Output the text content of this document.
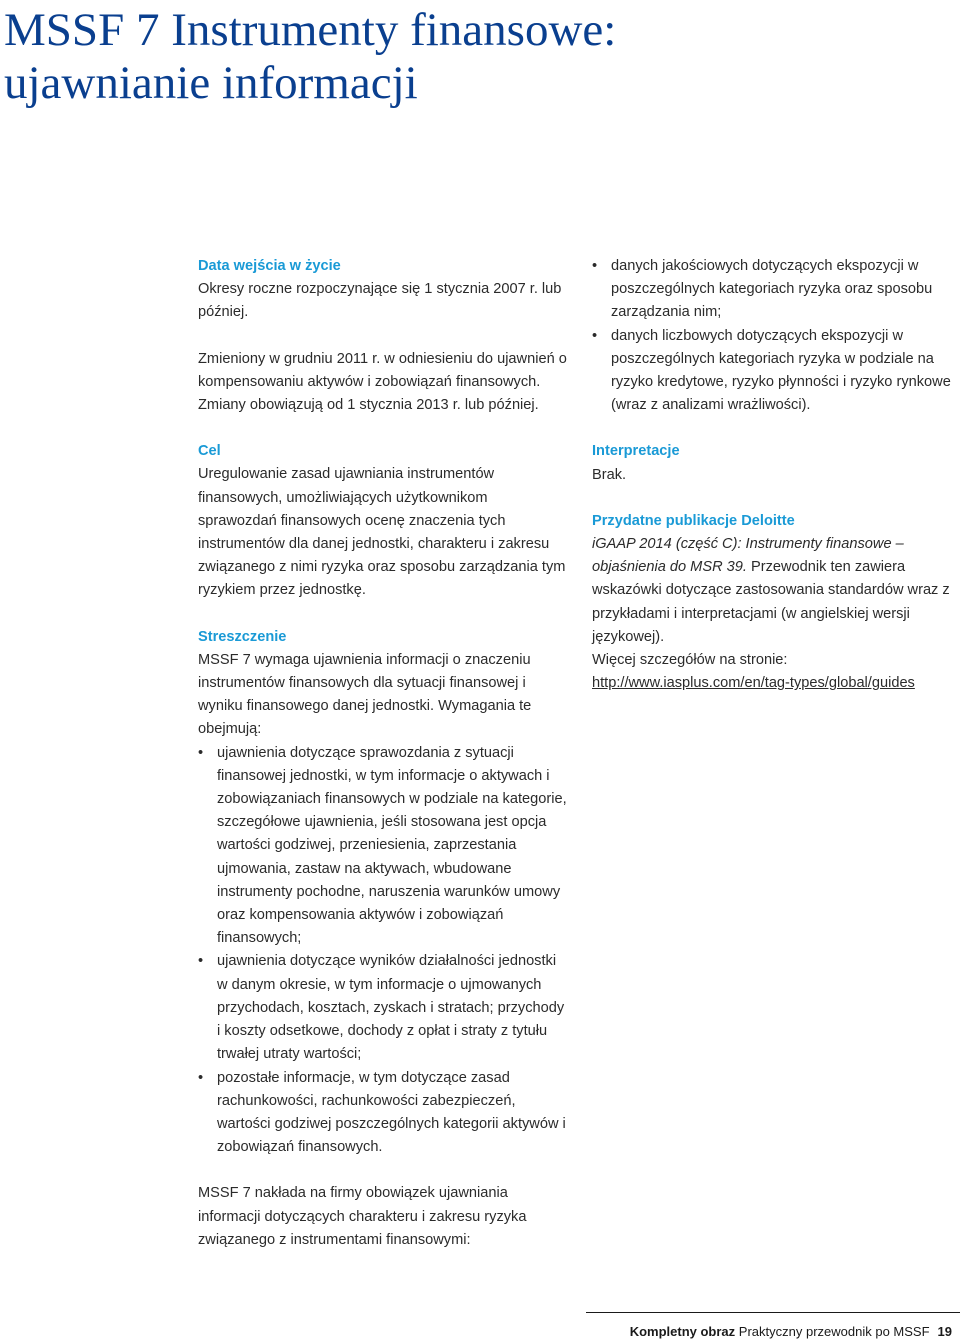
MSSF 7 Instrumenty finansowe:
ujawnianie informacji
Data wejścia w życie

Okresy roczne rozpoczynające się 1 stycznia 2007 r. lub później.

Zmieniony w grudniu 2011 r. w odniesieniu do ujawnień o kompensowaniu aktywów i zobowiązań finansowych. Zmiany obowiązują od 1 stycznia 2013 r. lub później.

Cel

Uregulowanie zasad ujawniania instrumentów finansowych, umożliwiających użytkownikom sprawozdań finansowych ocenę znaczenia tych instrumentów dla danej jednostki, charakteru i zakresu związanego z nimi ryzyka oraz sposobu zarządzania tym ryzykiem przez jednostkę.

Streszczenie

MSSF 7 wymaga ujawnienia informacji o znaczeniu instrumentów finansowych dla sytuacji finansowej i wyniku finansowego danej jednostki. Wymagania te obejmują:

• ujawnienia dotyczące sprawozdania z sytuacji finansowej jednostki, w tym informacje o aktywach i zobowiązaniach finansowych w podziale na kategorie, szczegółowe ujawnienia, jeśli stosowana jest opcja wartości godziwej, przeniesienia, zaprzestania ujmowania, zastaw na aktywach, wbudowane instrumenty pochodne, naruszenia warunków umowy oraz kompensowania aktywów i zobowiązań finansowych;
• ujawnienia dotyczące wyników działalności jednostki w danym okresie, w tym informacje o ujmowanych przychodach, kosztach, zyskach i stratach; przychody i koszty odsetkowe, dochody z opłat i straty z tytułu trwałej utraty wartości;
• pozostałe informacje, w tym dotyczące zasad rachunkowości, rachunkowości zabezpieczeń, wartości godziwej poszczególnych kategorii aktywów i zobowiązań finansowych.

MSSF 7 nakłada na firmy obowiązek ujawniania informacji dotyczących charakteru i zakresu ryzyka związanego z instrumentami finansowymi:

• danych jakościowych dotyczących ekspozycji w poszczególnych kategoriach ryzyka oraz sposobu zarządzania nim;
• danych liczbowych dotyczących ekspozycji w poszczególnych kategoriach ryzyka w podziale na ryzyko kredytowe, ryzyko płynności i ryzyko rynkowe (wraz z analizami wrażliwości).
Interpretacje

Brak.

Przydatne publikacje Deloitte

iGAAP 2014 (część C): Instrumenty finansowe – objaśnienia do MSR 39. Przewodnik ten zawiera wskazówki dotyczące zastosowania standardów wraz z przykładami i interpretacjami (w angielskiej wersji językowej).

Więcej szczegółów na stronie:

http://www.iasplus.com/en/tag-types/global/guides
Kompletny obraz Praktyczny przewodnik po MSSF 19
